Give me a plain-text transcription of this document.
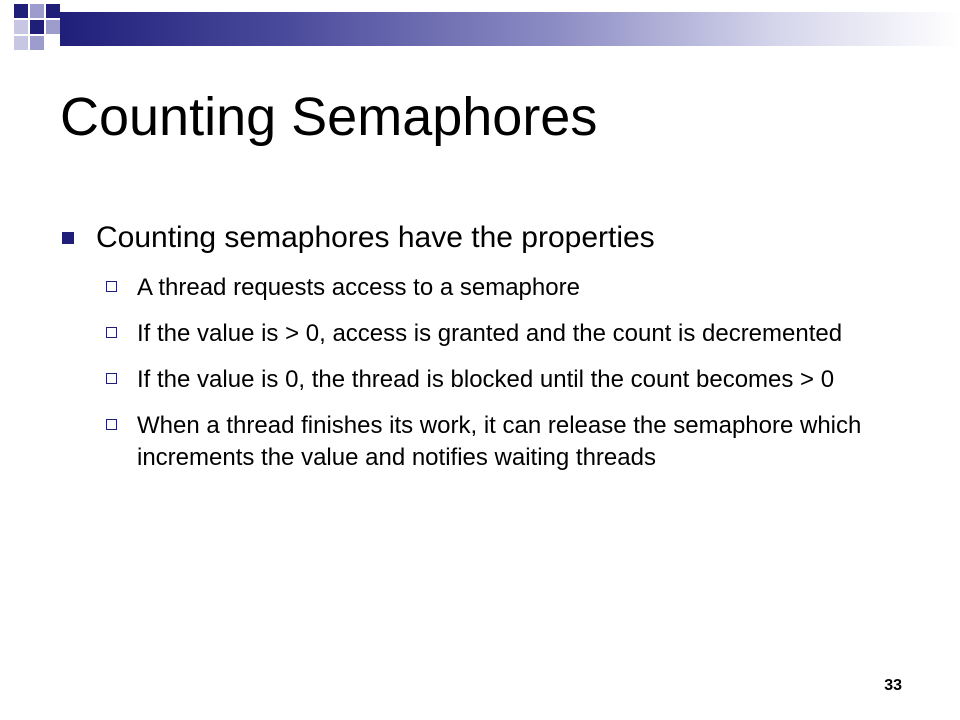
Counting Semaphores
Counting semaphores have the properties
A thread requests access to a semaphore
If the value is > 0, access is granted and the count is decremented
If the value is 0, the thread is blocked until the count becomes > 0
When a thread finishes its work, it can release the semaphore which increments the value and notifies waiting threads
33
